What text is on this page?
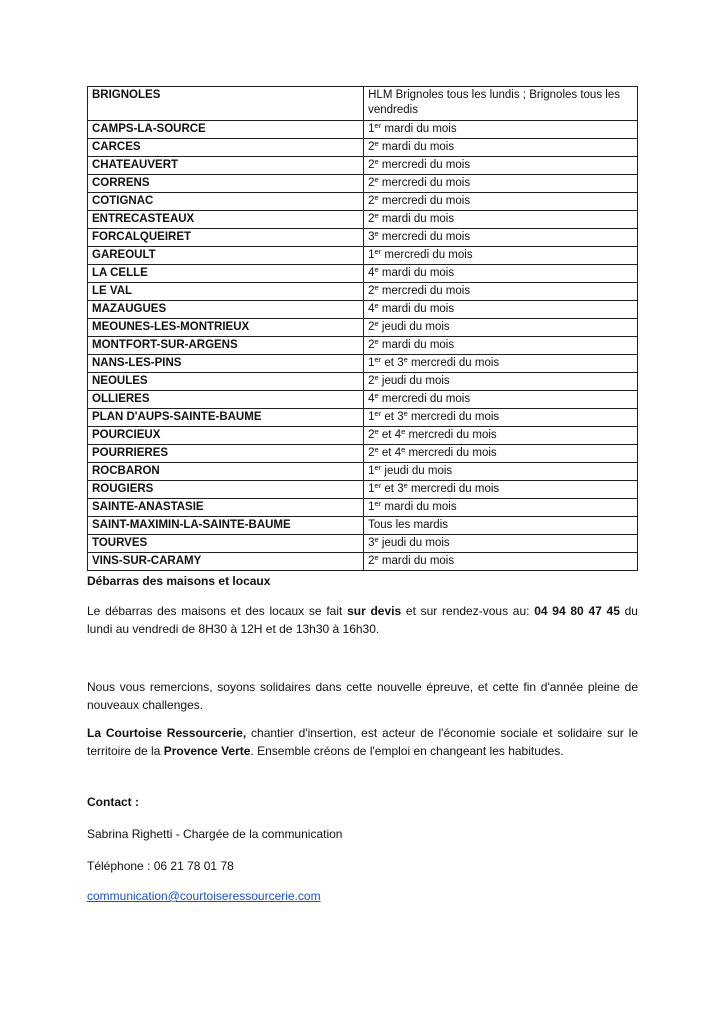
BRIGNOLES	HLM Brignoles tous les lundis ; Brignoles tous les vendredis
CAMPS-LA-SOURCE	1er mardi du mois
CARCES	2e mardi du mois
CHATEAUVERT	2e mercredi du mois
CORRENS	2e mercredi du mois
COTIGNAC	2e mercredi du mois
ENTRECASTEAUX	2e mardi du mois
FORCALQUEIRET	3e mercredi du mois
GAREOULT	1er mercredi du mois
LA CELLE	4e mardi du mois
LE VAL	2e mercredi du mois
MAZAUGUES	4e mardi du mois
MEOUNES-LES-MONTRIEUX	2e jeudi du mois
MONTFORT-SUR-ARGENS	2e mardi du mois
NANS-LES-PINS	1er et 3e mercredi du mois
NEOULES	2e jeudi du mois
OLLIERES	4e mercredi du mois
PLAN D'AUPS-SAINTE-BAUME	1er et 3e mercredi du mois
POURCIEUX	2e et 4e mercredi du mois
POURRIERES	2e et 4e mercredi du mois
ROCBARON	1er jeudi du mois
ROUGIERS	1er et 3e mercredi du mois
SAINTE-ANASTASIE	1er mardi du mois
SAINT-MAXIMIN-LA-SAINTE-BAUME	Tous les mardis
TOURVES	3e jeudi du mois
VINS-SUR-CARAMY	2e mardi du mois

Débarras des maisons et locaux

Le débarras des maisons et des locaux se fait sur devis et sur rendez-vous au: 04 94 80 47 45 du lundi au vendredi de 8H30 à 12H et de 13h30 à 16h30.

Nous vous remercions, soyons solidaires dans cette nouvelle épreuve, et cette fin d'année pleine de nouveaux challenges.

La Courtoise Ressourcerie, chantier d'insertion, est acteur de l'économie sociale et solidaire sur le territoire de la Provence Verte. Ensemble créons de l'emploi en changeant les habitudes.

Contact :

Sabrina Righetti - Chargée de la communication

Téléphone : 06 21 78 01 78

communication@courtoiseressourcerie.com
